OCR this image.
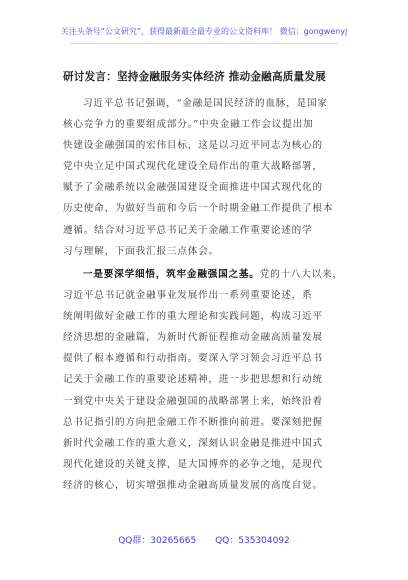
关注头条号“公文研究”，获得最新最全最专业的公文资料库！ 微信：gongwenyj
研讨发言：坚持金融服务实体经济 推动金融高质量发展
习近平总书记强调，“金融是国民经济的血脉，是国家
核心竞争力的重要组成部分。”中央金融工作会议提出加
快建设金融强国的宏伟目标，这是以习近平同志为核心的
党中央立足中国式现代化建设全局作出的重大战略部署，
赋予了金融系统以金融强国建设全面推进中国式现代化的
历史使命，为做好当前和今后一个时期金融工作提供了根本
遵循。结合对习近平总书记关于金融工作重要论述的学
习与理解，下面我汇报三点体会。
一是要深学细悟，筑牢金融强国之基。党的十八大以来，
习近平总书记就金融事业发展作出一系列重要论述，系
统阐明做好金融工作的重大理论和实践问题，构成习近平
经济思想的金融篇，为新时代新征程推动金融高质量发展
提供了根本遵循和行动指南。要深入学习领会习近平总书
记关于金融工作的重要论述精神，进一步把思想和行动统
一到党中央关于建设金融强国的战略部署上来，始终沿着
总书记指引的方向把金融工作不断推向前进。要深刻把握
新时代金融工作的重大意义，深刻认识金融是推进中国式
现代化建设的关键支撑，是大国博弈的必争之地，是现代
经济的核心，切实增强推动金融高质量发展的高度自觉。
QQ群：30265665 QQ：535304092
